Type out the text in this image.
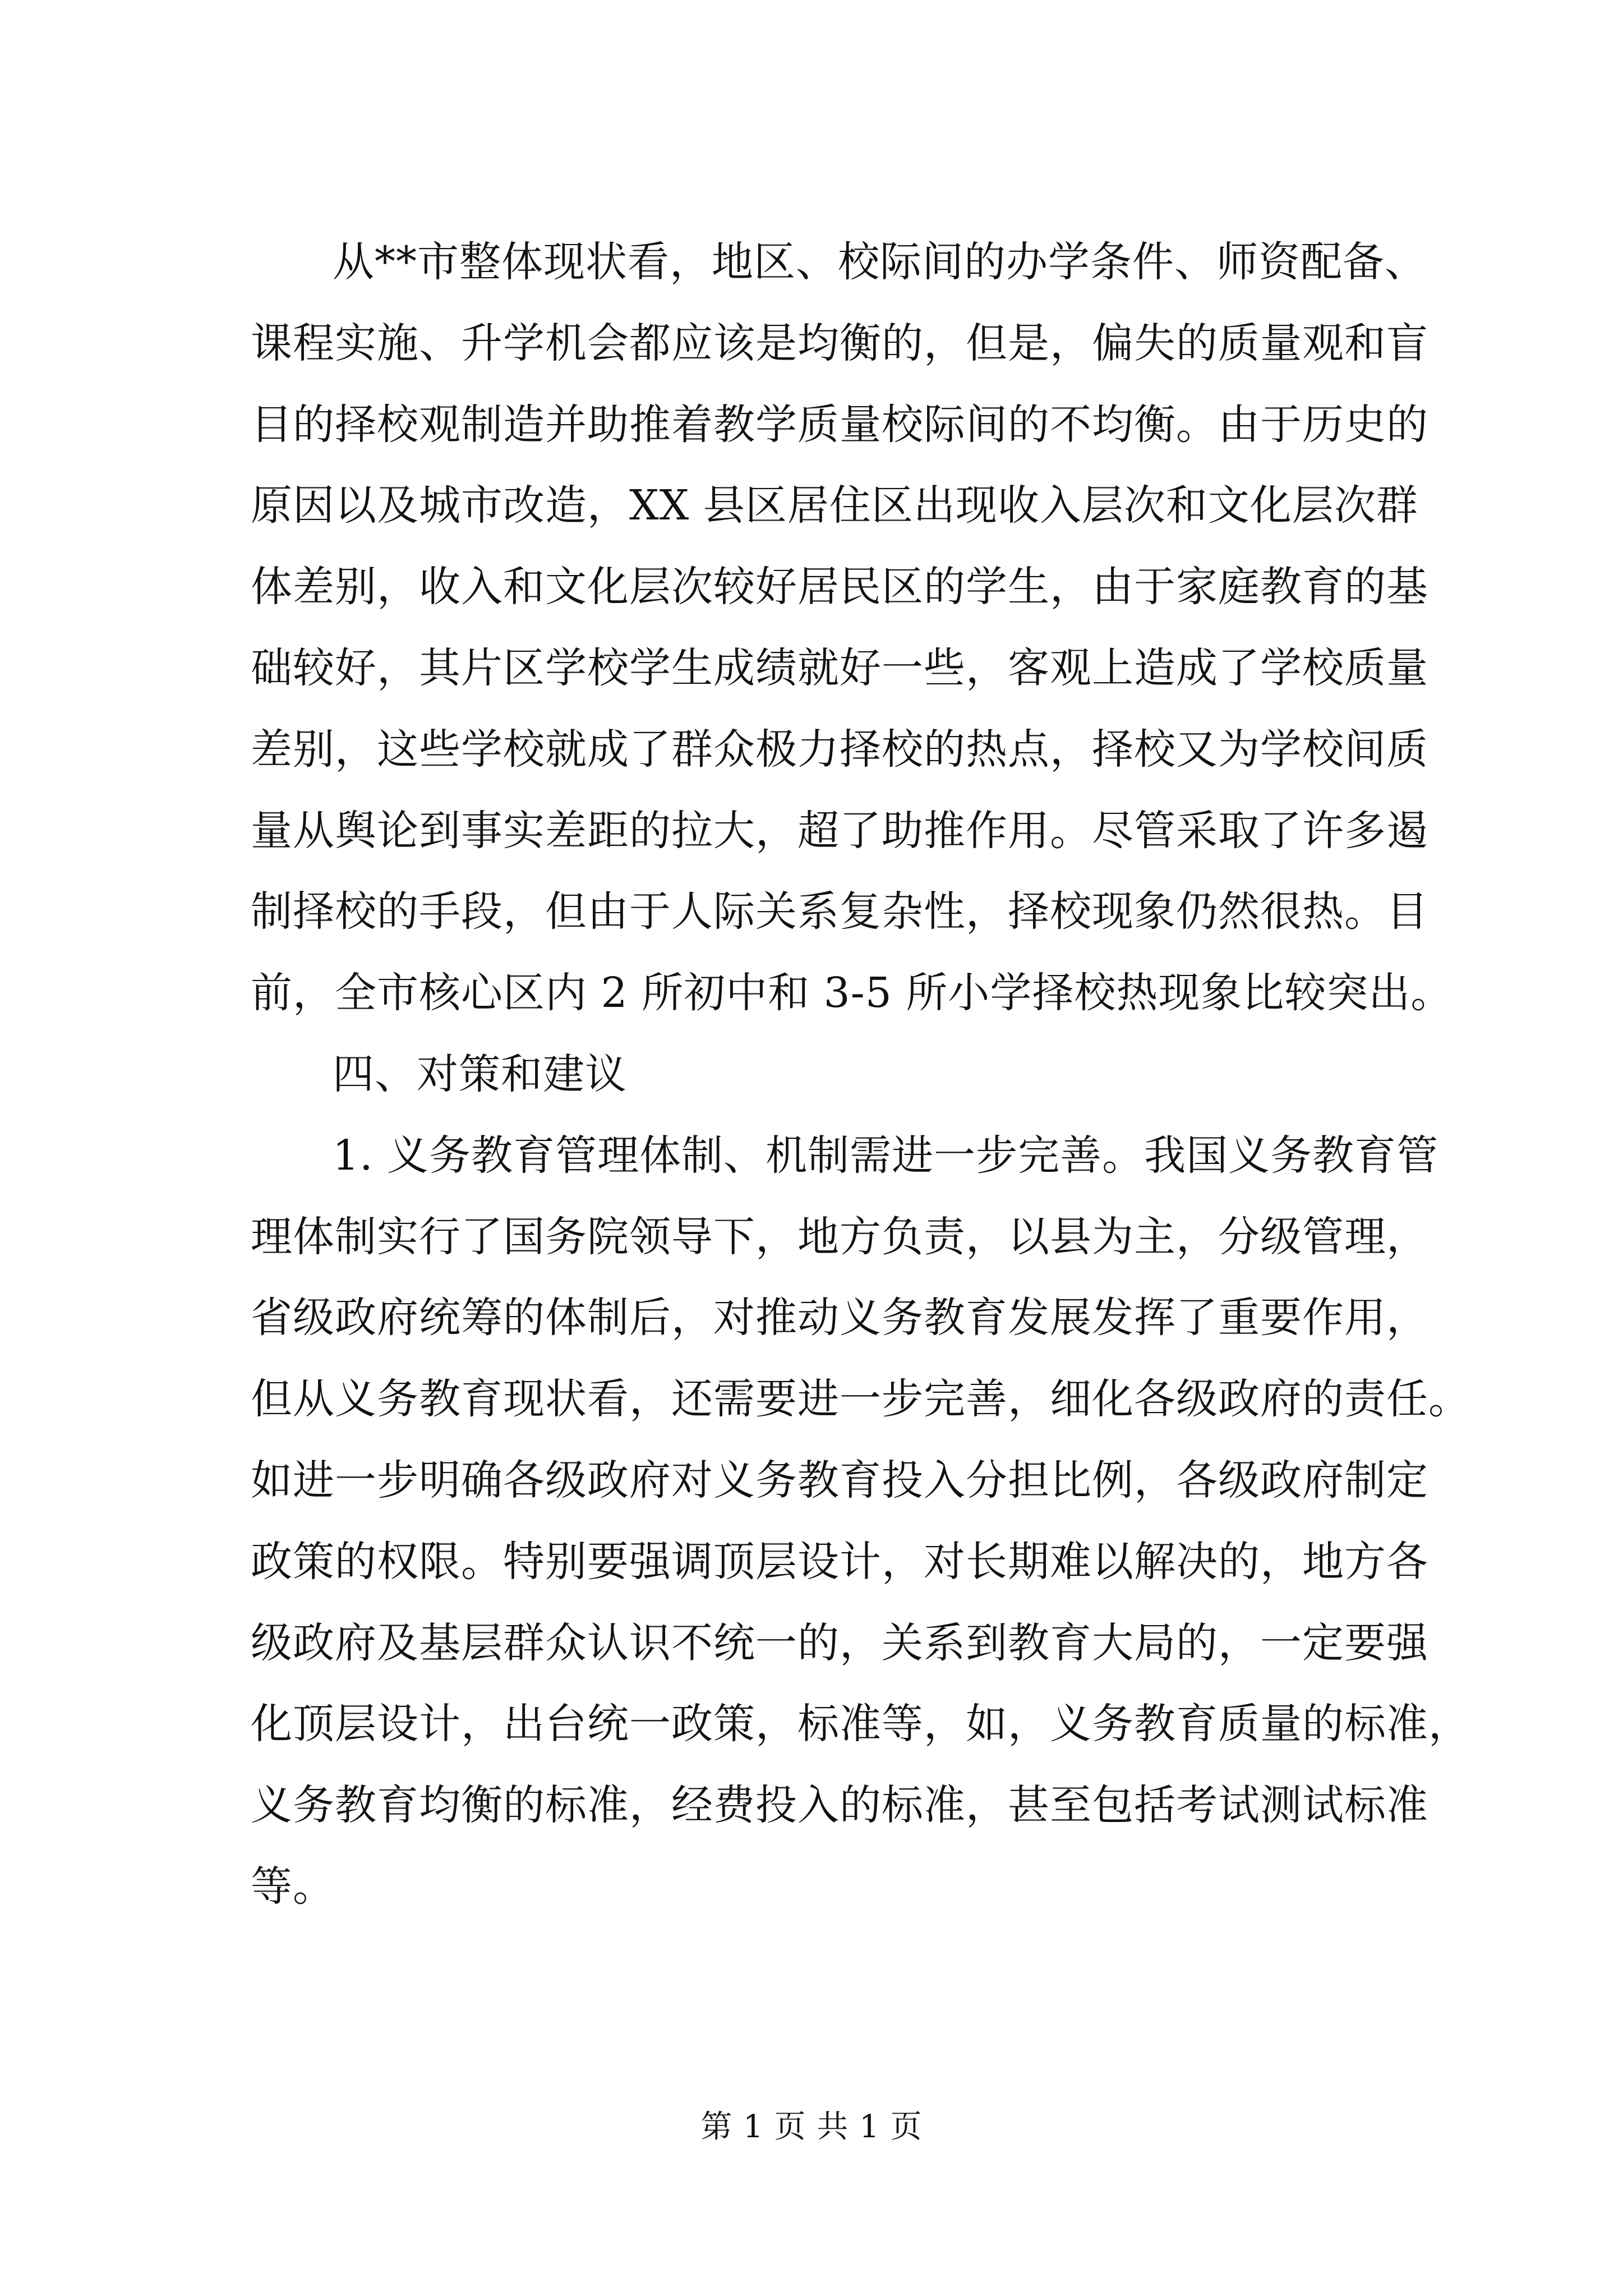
从**市整体现状看，地区、校际间的办学条件、师资配备、
课程实施、升学机会都应该是均衡的，但是，偏失的质量观和盲
目的择校观制造并助推着教学质量校际间的不均衡。由于历史的
原因以及城市改造，XX 县区居住区出现收入层次和文化层次群
体差别，收入和文化层次较好居民区的学生，由于家庭教育的基
础较好，其片区学校学生成绩就好一些，客观上造成了学校质量
差别，这些学校就成了群众极力择校的热点，择校又为学校间质
量从舆论到事实差距的拉大，超了助推作用。尽管采取了许多遏
制择校的手段，但由于人际关系复杂性，择校现象仍然很热。目
前，全市核心区内 2 所初中和 3-5 所小学择校热现象比较突出。
四、对策和建议
1. 义务教育管理体制、机制需进一步完善。我国义务教育管
理体制实行了国务院领导下，地方负责，以县为主，分级管理，
省级政府统筹的体制后，对推动义务教育发展发挥了重要作用，
但从义务教育现状看，还需要进一步完善，细化各级政府的责任。
如进一步明确各级政府对义务教育投入分担比例，各级政府制定
政策的权限。特别要强调顶层设计，对长期难以解决的，地方各
级政府及基层群众认识不统一的，关系到教育大局的，一定要强
化顶层设计，出台统一政策，标准等，如，义务教育质量的标准，
义务教育均衡的标准，经费投入的标准，甚至包括考试测试标准
等。
第 1 页 共 1 页
